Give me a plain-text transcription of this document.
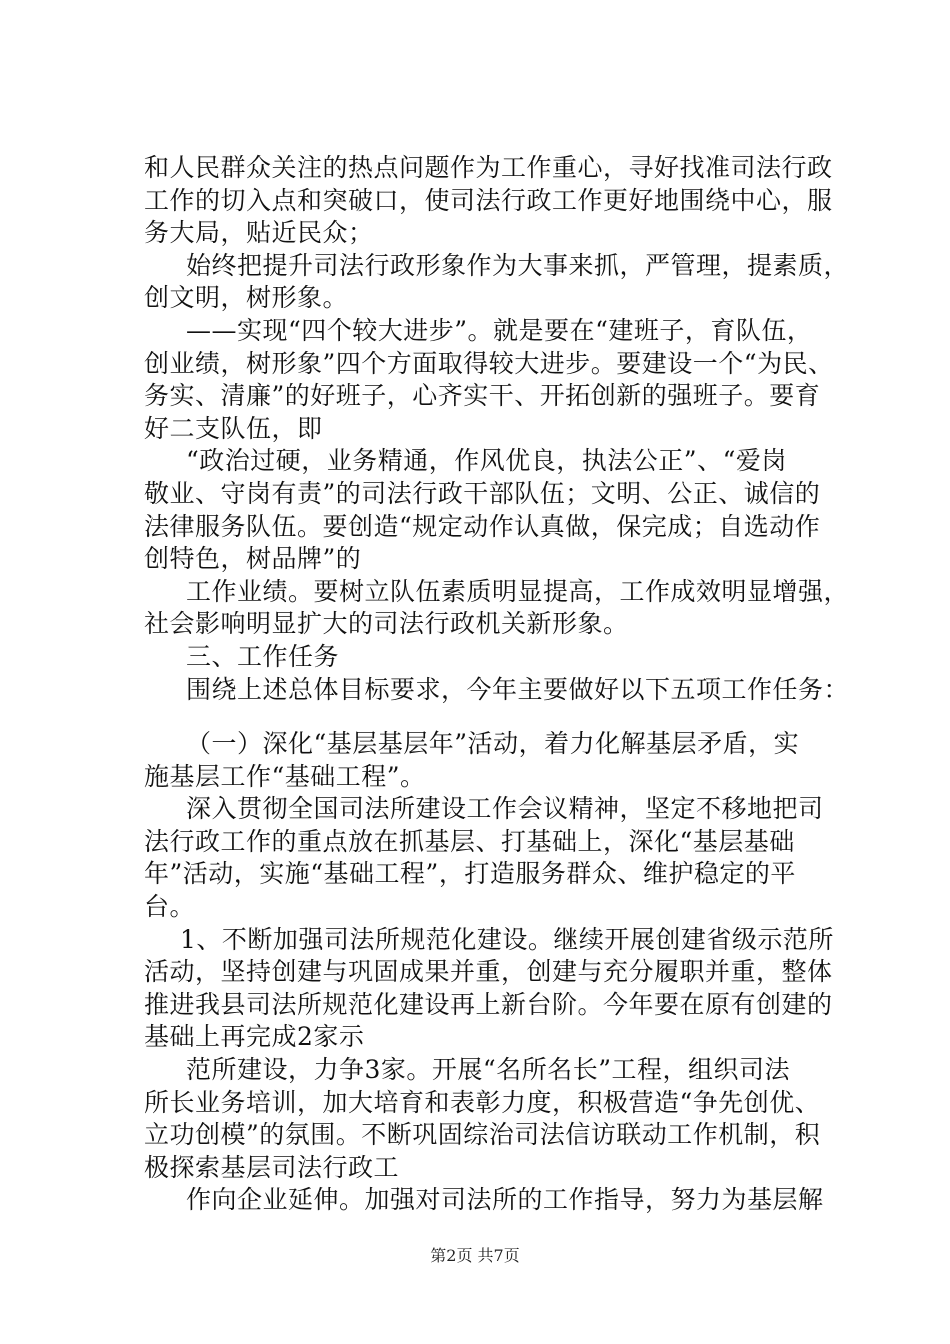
和人民群众关注的热点问题作为工作重心，寻好找准司法行政
工作的切入点和突破口，使司法行政工作更好地围绕中心，服
务大局，贴近民众；
始终把提升司法行政形象作为大事来抓，严管理，提素质，
创文明，树形象。
——实现“四个较大进步”。就是要在“建班子，育队伍，
创业绩，树形象”四个方面取得较大进步。要建设一个“为民、
务实、清廉”的好班子，心齐实干、开拓创新的强班子。要育
好二支队伍，即
“政治过硬，业务精通，作风优良，执法公正”、“爱岗
敬业、守岗有责”的司法行政干部队伍；文明、公正、诚信的
法律服务队伍。要创造“规定动作认真做，保完成；自选动作
创特色，树品牌”的
工作业绩。要树立队伍素质明显提高，工作成效明显增强，
社会影响明显扩大的司法行政机关新形象。
三、工作任务
围绕上述总体目标要求，今年主要做好以下五项工作任务：
（一）深化“基层基层年”活动，着力化解基层矛盾，实
施基层工作“基础工程”。
深入贯彻全国司法所建设工作会议精神，坚定不移地把司
法行政工作的重点放在抓基层、打基础上，深化“基层基础
年”活动，实施“基础工程”，打造服务群众、维护稳定的平
台。
1、不断加强司法所规范化建设。继续开展创建省级示范所
活动，坚持创建与巩固成果并重，创建与充分履职并重，整体
推进我县司法所规范化建设再上新台阶。今年要在原有创建的
基础上再完成2家示
范所建设，力争3家。开展“名所名长”工程，组织司法
所长业务培训，加大培育和表彰力度，积极营造“争先创优、
立功创模”的氛围。不断巩固综治司法信访联动工作机制，积
极探索基层司法行政工
作向企业延伸。加强对司法所的工作指导，努力为基层解
第2页 共7页
